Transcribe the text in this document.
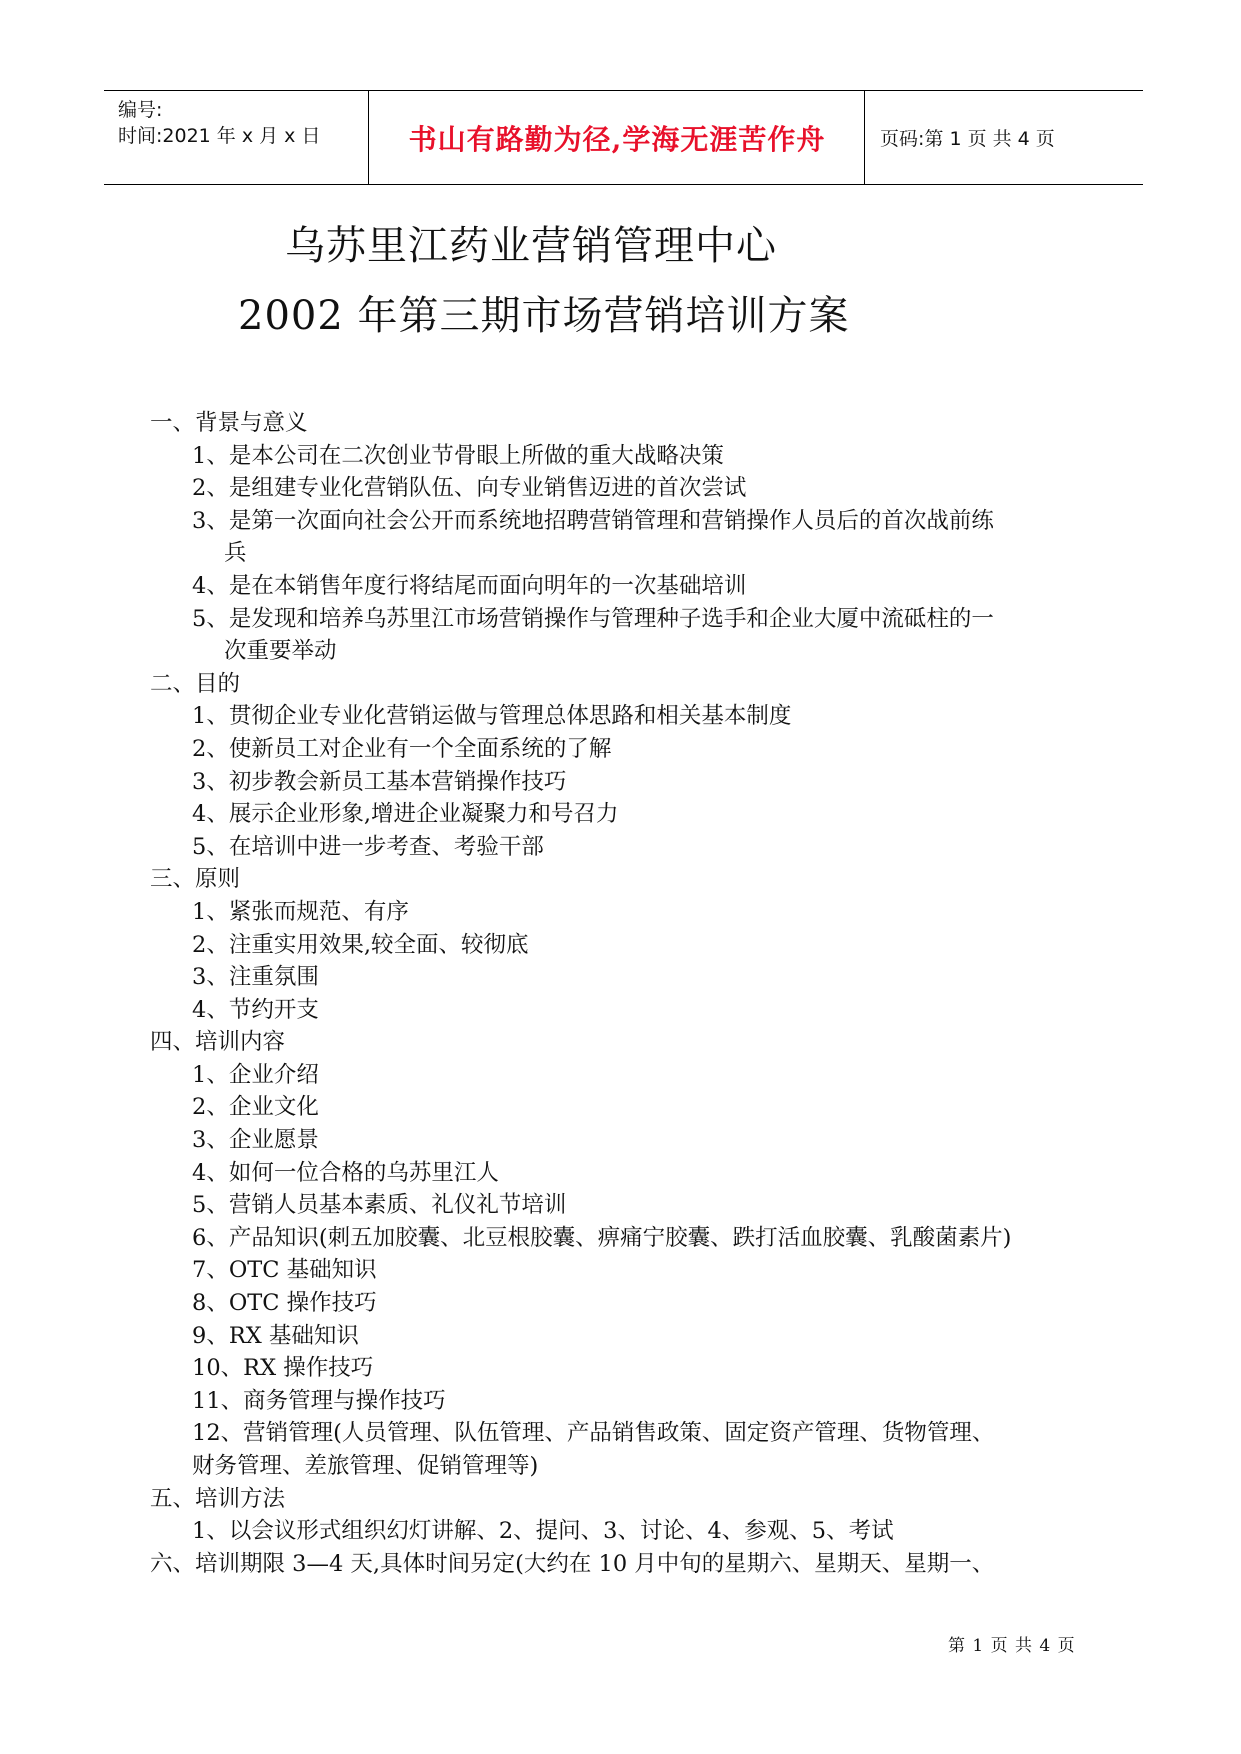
编号:
时间:2021 年 x 月 x 日	书山有路勤为径,学海无涯苦作舟	页码:第 1 页 共 4 页
乌苏里江药业营销管理中心
2002 年第三期市场营销培训方案
一、背景与意义
1、是本公司在二次创业节骨眼上所做的重大战略决策
2、是组建专业化营销队伍、向专业销售迈进的首次尝试
3、是第一次面向社会公开而系统地招聘营销管理和营销操作人员后的首次战前练
兵
4、是在本销售年度行将结尾而面向明年的一次基础培训
5、是发现和培养乌苏里江市场营销操作与管理种子选手和企业大厦中流砥柱的一
次重要举动
二、目的
1、贯彻企业专业化营销运做与管理总体思路和相关基本制度
2、使新员工对企业有一个全面系统的了解
3、初步教会新员工基本营销操作技巧
4、展示企业形象,增进企业凝聚力和号召力
5、在培训中进一步考查、考验干部
三、原则
1、紧张而规范、有序
2、注重实用效果,较全面、较彻底
3、注重氛围
4、节约开支
四、培训内容
1、企业介绍
2、企业文化
3、企业愿景
4、如何一位合格的乌苏里江人
5、营销人员基本素质、礼仪礼节培训
6、产品知识(刺五加胶囊、北豆根胶囊、痹痛宁胶囊、跌打活血胶囊、乳酸菌素片)
7、OTC 基础知识
8、OTC 操作技巧
9、RX 基础知识
10、RX 操作技巧
11、商务管理与操作技巧
12、营销管理(人员管理、队伍管理、产品销售政策、固定资产管理、货物管理、
财务管理、差旅管理、促销管理等)
五、培训方法
1、以会议形式组织幻灯讲解、2、提问、3、讨论、4、参观、5、考试
六、培训期限 3—4 天,具体时间另定(大约在 10 月中旬的星期六、星期天、星期一、
第 1 页 共 4 页
